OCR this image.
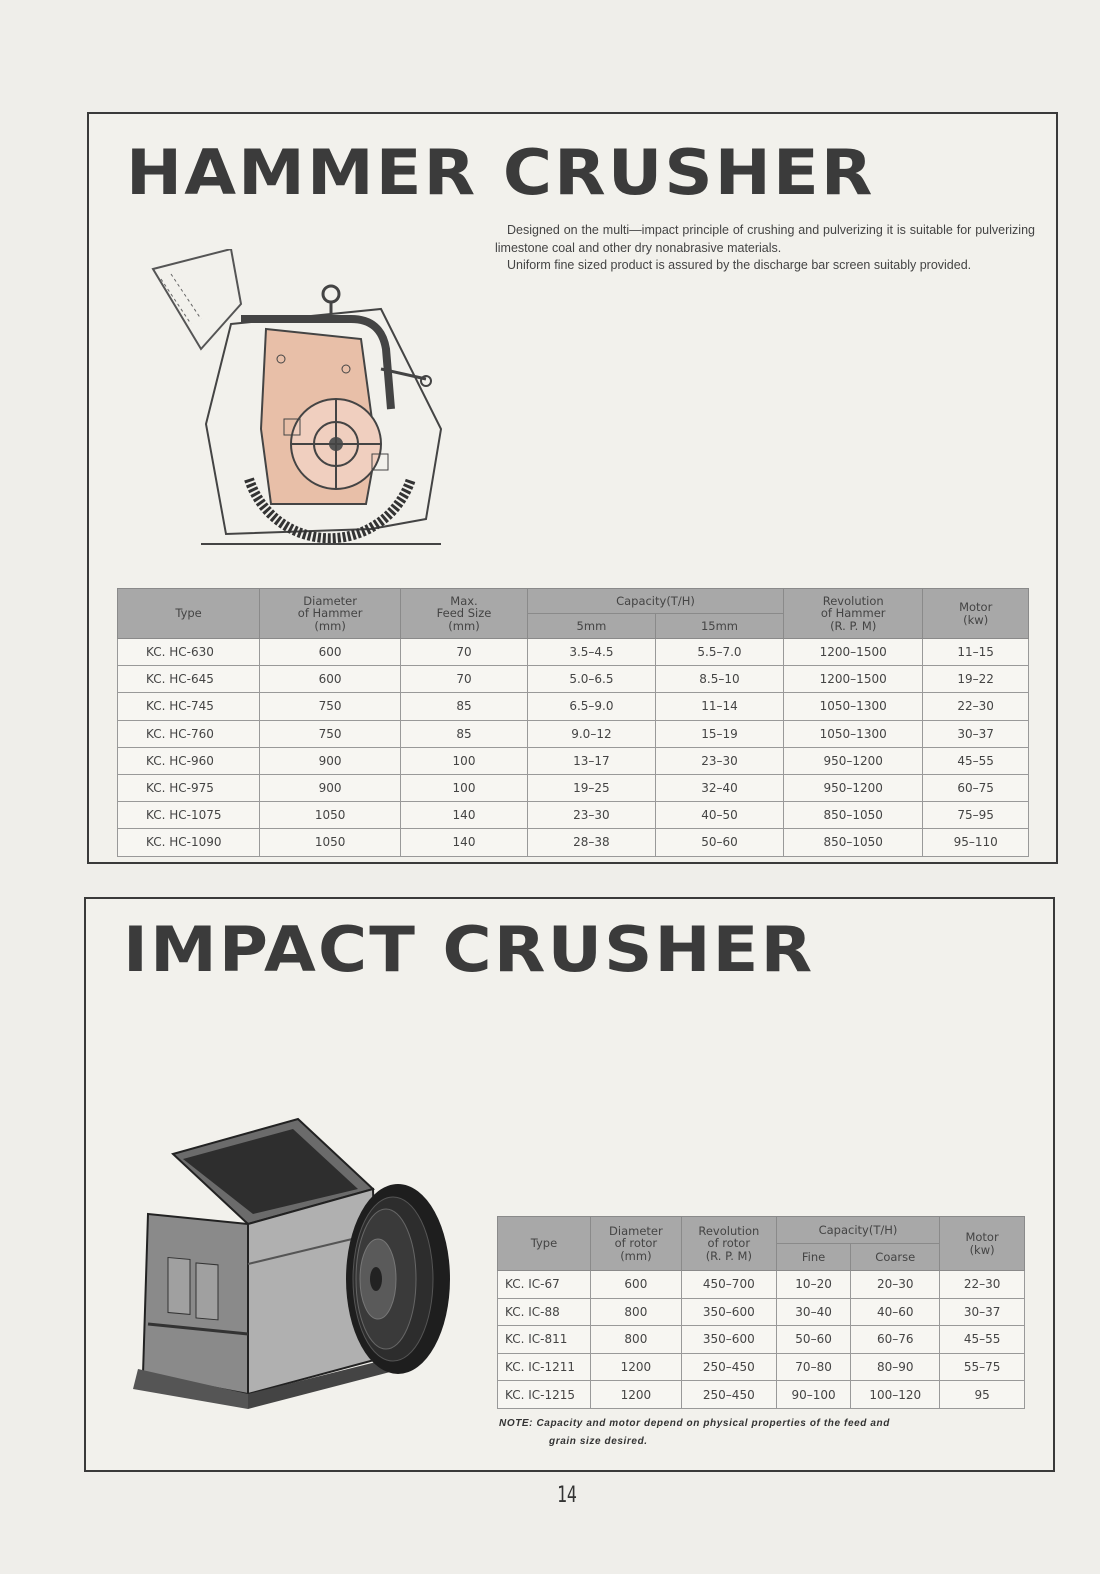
HAMMER CRUSHER

Designed on the multi—impact principle of crushing and pulverizing it is suitable for pulverizing limestone coal and other dry nonabrasive materials.

Uniform fine sized product is assured by the discharge bar screen suitably provided.

Type	Diameter
of Hammer
(mm)	Max.
Feed Size
(mm)	Capacity(T/H)		Revolution
of Hammer
(R. P. M)	Motor
(kw)
			5mm	15mm		
KC. HC-630	600	70	3.5–4.5	5.5–7.0	1200–1500	11–15
KC. HC-645	600	70	5.0–6.5	8.5–10	1200–1500	19–22
KC. HC-745	750	85	6.5–9.0	11–14	1050–1300	22–30
KC. HC-760	750	85	9.0–12	15–19	1050–1300	30–37
KC. HC-960	900	100	13–17	23–30	950–1200	45–55
KC. HC-975	900	100	19–25	32–40	950–1200	60–75
KC. HC-1075	1050	140	23–30	40–50	850–1050	75–95
KC. HC-1090	1050	140	28–38	50–60	850–1050	95–110
IMPACT CRUSHER
Type	Diameter
of rotor
(mm)	Revolution
of rotor
(R. P. M)	Capacity(T/H)		Motor
(kw)
			Fine	Coarse	
KC. IC-67	600	450–700	10–20	20–30	22–30
KC. IC-88	800	350–600	30–40	40–60	30–37
KC. IC-811	800	350–600	50–60	60–76	45–55
KC. IC-1211	1200	250–450	70–80	80–90	55–75
KC. IC-1215	1200	250–450	90–100	100–120	95

NOTE: Capacity and motor depend on physical properties of the feed and
grain size desired.

14
